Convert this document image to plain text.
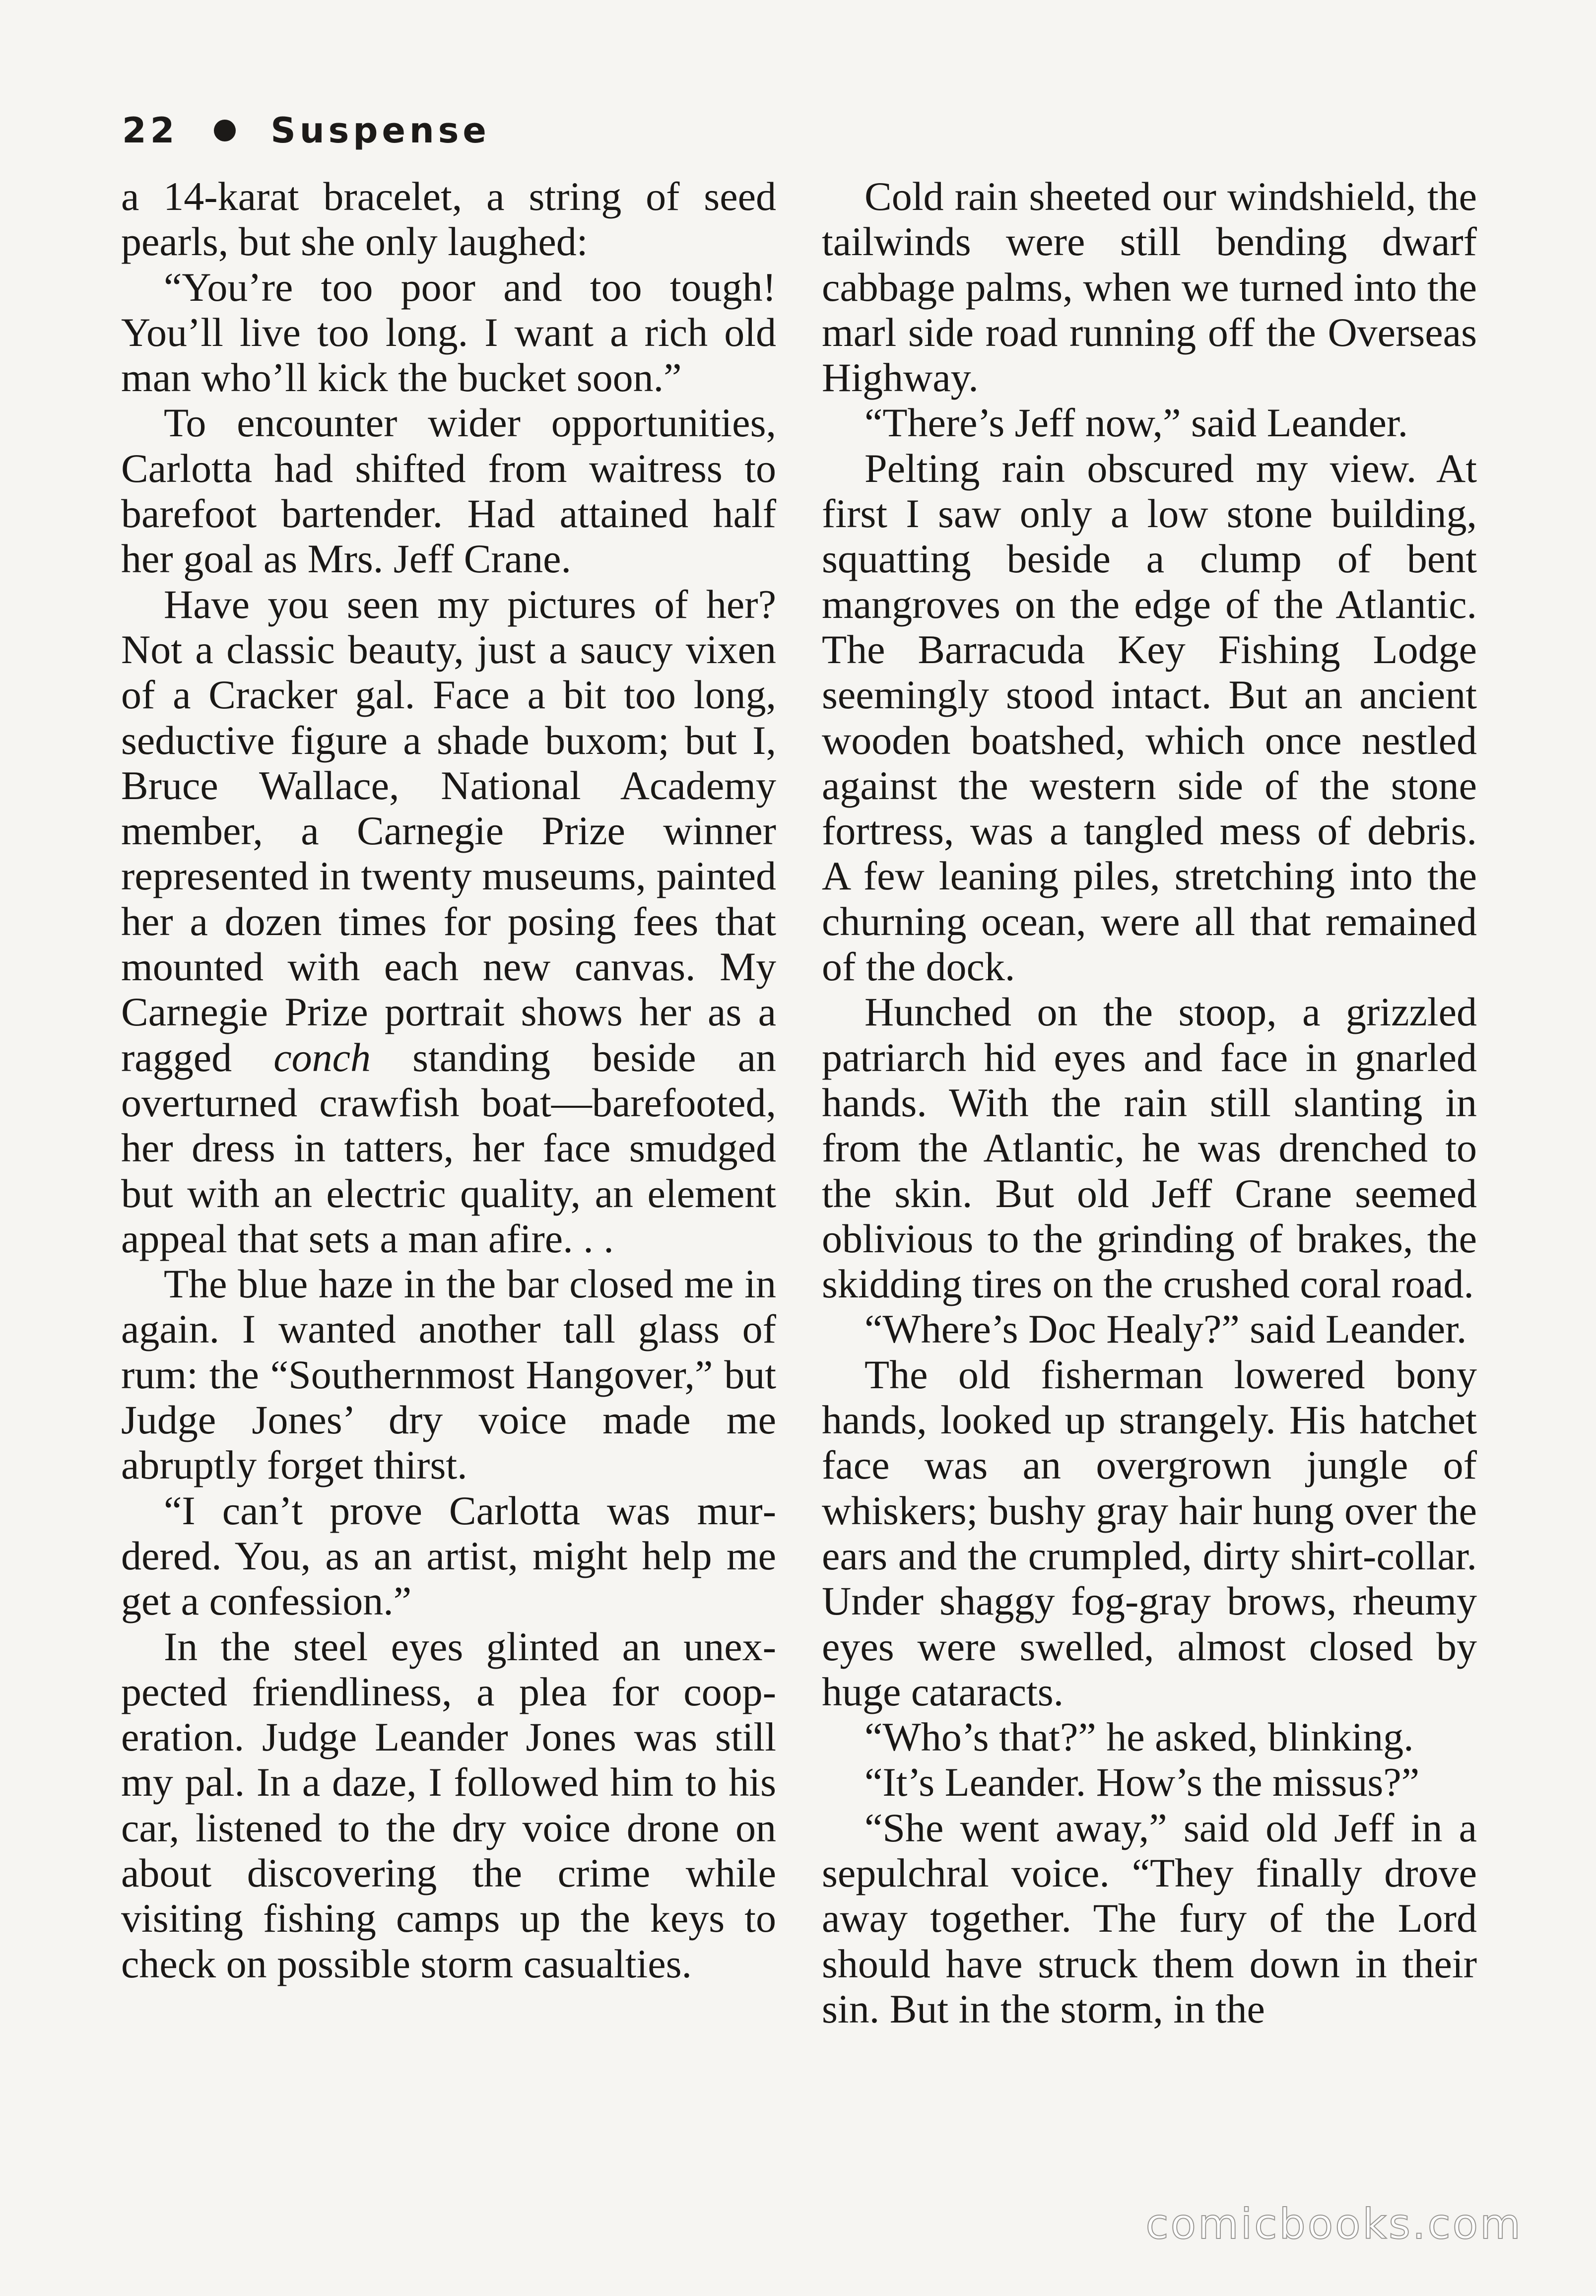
22	Suspense

a 14-karat bracelet, a string of seed pearls, but she only laughed:

“You’re too poor and too tough! You’ll live too long. I want a rich old man who’ll kick the bucket soon.”

To encounter wider opportunities, Carlotta had shifted from waitress to barefoot bartender. Had attained half her goal as Mrs. Jeff Crane.

Have you seen my pictures of her? Not a classic beauty, just a saucy vixen of a Cracker gal. Face a bit too long, seductive figure a shade buxom; but I, Bruce Wallace, National Academy member, a Carnegie Prize winner represented in twenty museums, painted her a dozen times for posing fees that mounted with each new canvas. My Carnegie Prize portrait shows her as a ragged conch standing beside an overturned crawfish boat—barefooted, her dress in tatters, her face smudged but with an electric quality, an element appeal that sets a man afire. . .

The blue haze in the bar closed me in again. I wanted another tall glass of rum: the “Southernmost Hangover,” but Judge Jones’ dry voice made me abruptly forget thirst.

“I can’t prove Carlotta was murdered. You, as an artist, might help me get a confession.”

In the steel eyes glinted an unexpected friendliness, a plea for cooperation. Judge Leander Jones was still my pal. In a daze, I followed him to his car, listened to the dry voice drone on about discovering the crime while visiting fishing camps up the keys to check on possible storm casualties.

Cold rain sheeted our windshield, the tailwinds were still bending dwarf cabbage palms, when we turned into the marl side road running off the Overseas Highway.

“There’s Jeff now,” said Leander.

Pelting rain obscured my view. At first I saw only a low stone building, squatting beside a clump of bent mangroves on the edge of the Atlantic. The Barracuda Key Fishing Lodge seemingly stood intact. But an ancient wooden boatshed, which once nestled against the western side of the stone fortress, was a tangled mess of debris. A few leaning piles, stretching into the churning ocean, were all that remained of the dock.

Hunched on the stoop, a grizzled patriarch hid eyes and face in gnarled hands. With the rain still slanting in from the Atlantic, he was drenched to the skin. But old Jeff Crane seemed oblivious to the grinding of brakes, the skidding tires on the crushed coral road.

“Where’s Doc Healy?” said Leander.

The old fisherman lowered bony hands, looked up strangely. His hatchet face was an overgrown jungle of whiskers; bushy gray hair hung over the ears and the crumpled, dirty shirt-collar. Under shaggy fog-gray brows, rheumy eyes were swelled, almost closed by huge cataracts.

“Who’s that?” he asked, blinking.

“It’s Leander. How’s the missus?”

“She went away,” said old Jeff in a sepulchral voice. “They finally drove away together. The fury of the Lord should have struck them down in their sin. But in the storm, in the

comicbooks.com
